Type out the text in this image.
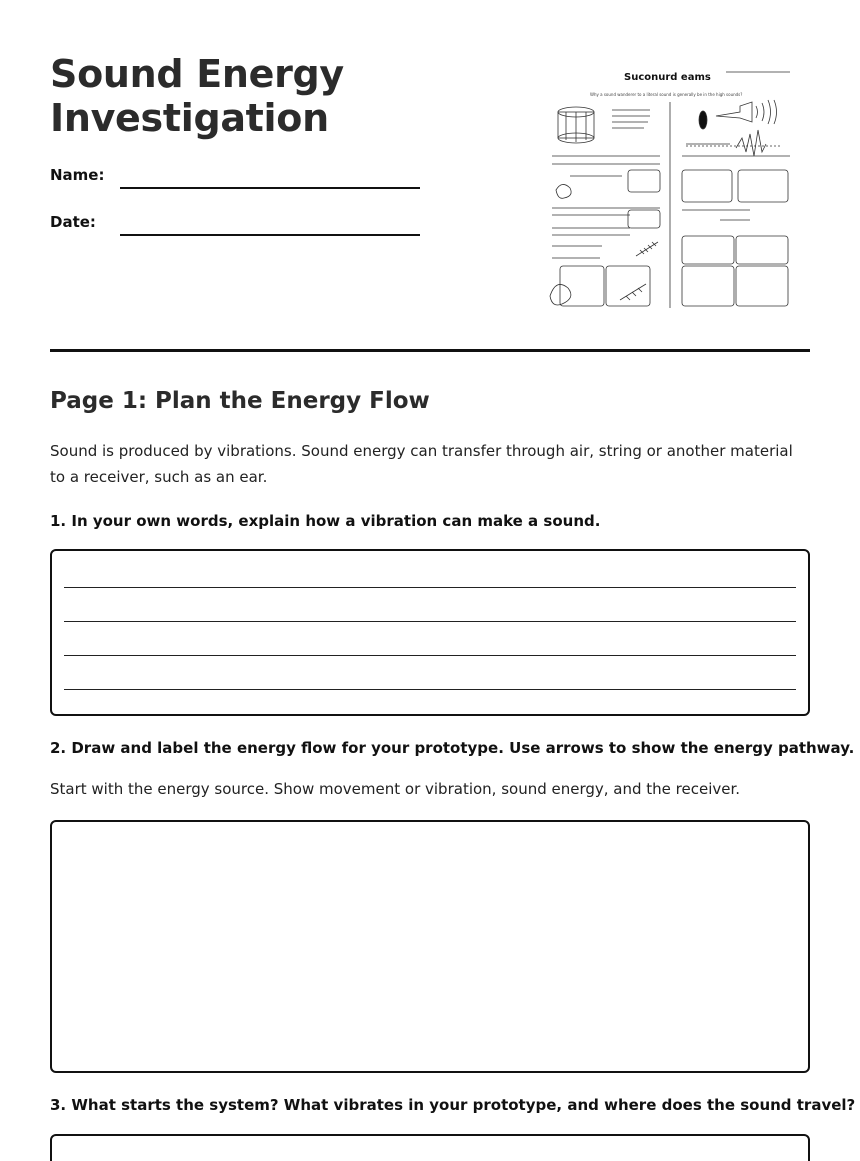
Sound Energy
Investigation
Name:
Date:
Suconurd eams
Why a sound wanderer to a literal sound is generally be in the high sounds?
Page 1: Plan the Energy Flow
Sound is produced by vibrations. Sound energy can transfer through air, string or another material to a receiver, such as an ear.
1. In your own words, explain how a vibration can make a sound.
2. Draw and label the energy flow for your prototype. Use arrows to show the energy pathway.
Start with the energy source. Show movement or vibration, sound energy, and the receiver.
3. What starts the system? What vibrates in your prototype, and where does the sound travel?
